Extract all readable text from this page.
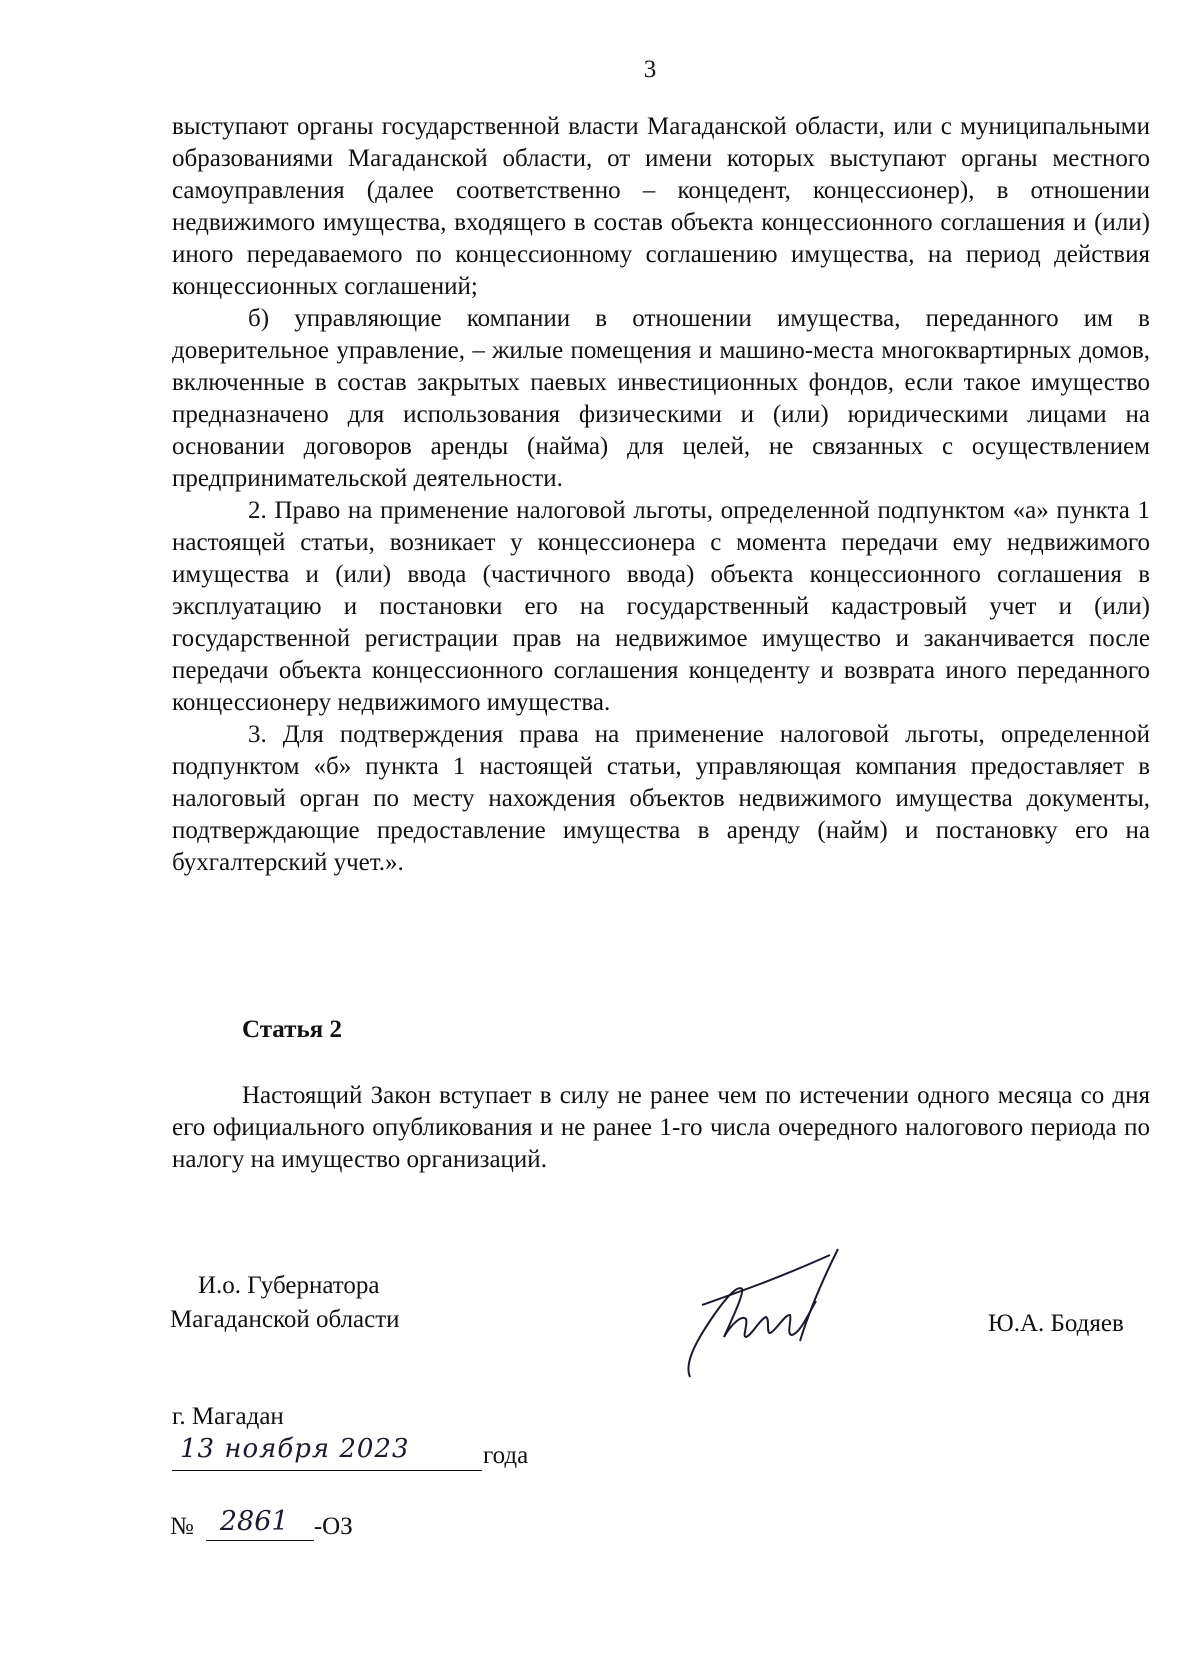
3

выступают органы государственной власти Магаданской области, или с муниципальными образованиями Магаданской области, от имени которых выступают органы местного самоуправления (далее соответственно – концедент, концессионер), в отношении недвижимого имущества, входящего в состав объекта концессионного соглашения и (или) иного передаваемого по концессионному соглашению имущества, на период действия концессионных соглашений;

б) управляющие компании в отношении имущества, переданного им в доверительное управление, – жилые помещения и машино-места многоквартирных домов, включенные в состав закрытых паевых инвестиционных фондов, если такое имущество предназначено для использования физическими и (или) юридическими лицами на основании договоров аренды (найма) для целей, не связанных с осуществлением предпринимательской деятельности.

2. Право на применение налоговой льготы, определенной подпунктом «а» пункта 1 настоящей статьи, возникает у концессионера с момента передачи ему недвижимого имущества и (или) ввода (частичного ввода) объекта концессионного соглашения в эксплуатацию и постановки его на государственный кадастровый учет и (или) государственной регистрации прав на недвижимое имущество и заканчивается после передачи объекта концессионного соглашения концеденту и возврата иного переданного концессионеру недвижимого имущества.

3. Для подтверждения права на применение налоговой льготы, определенной подпунктом «б» пункта 1 настоящей статьи, управляющая компания предоставляет в налоговый орган по месту нахождения объектов недвижимого имущества документы, подтверждающие предоставление имущества в аренду (найм) и постановку его на бухгалтерский учет.».

Статья 2

Настоящий Закон вступает в силу не ранее чем по истечении одного месяца со дня его официального опубликования и не ранее 1-го числа очередного налогового периода по налогу на имущество организаций.

И.о. Губернатора
Магаданской области	Ю.А. Бодяев
г. Магадан
13 ноября 2023	года
№ 2861 -ОЗ
